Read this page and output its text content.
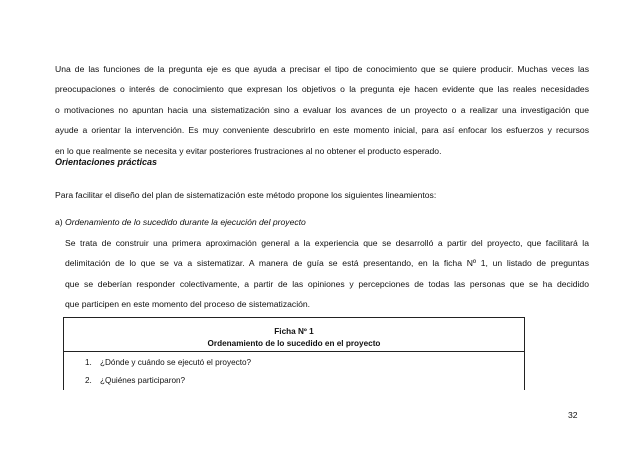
Una de las funciones de la pregunta eje es que ayuda a precisar el tipo de conocimiento que se quiere producir. Muchas veces las
preocupaciones o interés de conocimiento que expresan los objetivos o la pregunta eje hacen evidente que las reales necesidades
o motivaciones no apuntan hacia una sistematización sino a evaluar los avances de un proyecto o a realizar una investigación que
ayude a orientar la intervención. Es muy conveniente descubrirlo en este momento inicial, para así enfocar los esfuerzos y recursos
en lo que realmente se necesita y evitar posteriores frustraciones al no obtener el producto esperado.

Orientaciones prácticas

Para facilitar el diseño del plan de sistematización este método propone los siguientes lineamientos:

a) Ordenamiento de lo sucedido durante la ejecución del proyecto

Se trata de construir una primera aproximación general a la experiencia que se desarrolló a partir del proyecto, que facilitará la
delimitación de lo que se va a sistematizar. A manera de guía se está presentando, en la ficha Nº 1, un listado de preguntas
que se deberían responder colectivamente, a partir de las opiniones y percepciones de todas las personas que se ha decidido
que participen en este momento del proceso de sistematización.
Ficha Nº 1
Ordenamiento de lo sucedido en el proyecto
1. ¿Dónde y cuándo se ejecutó el proyecto?
2. ¿Quiénes participaron?
32
